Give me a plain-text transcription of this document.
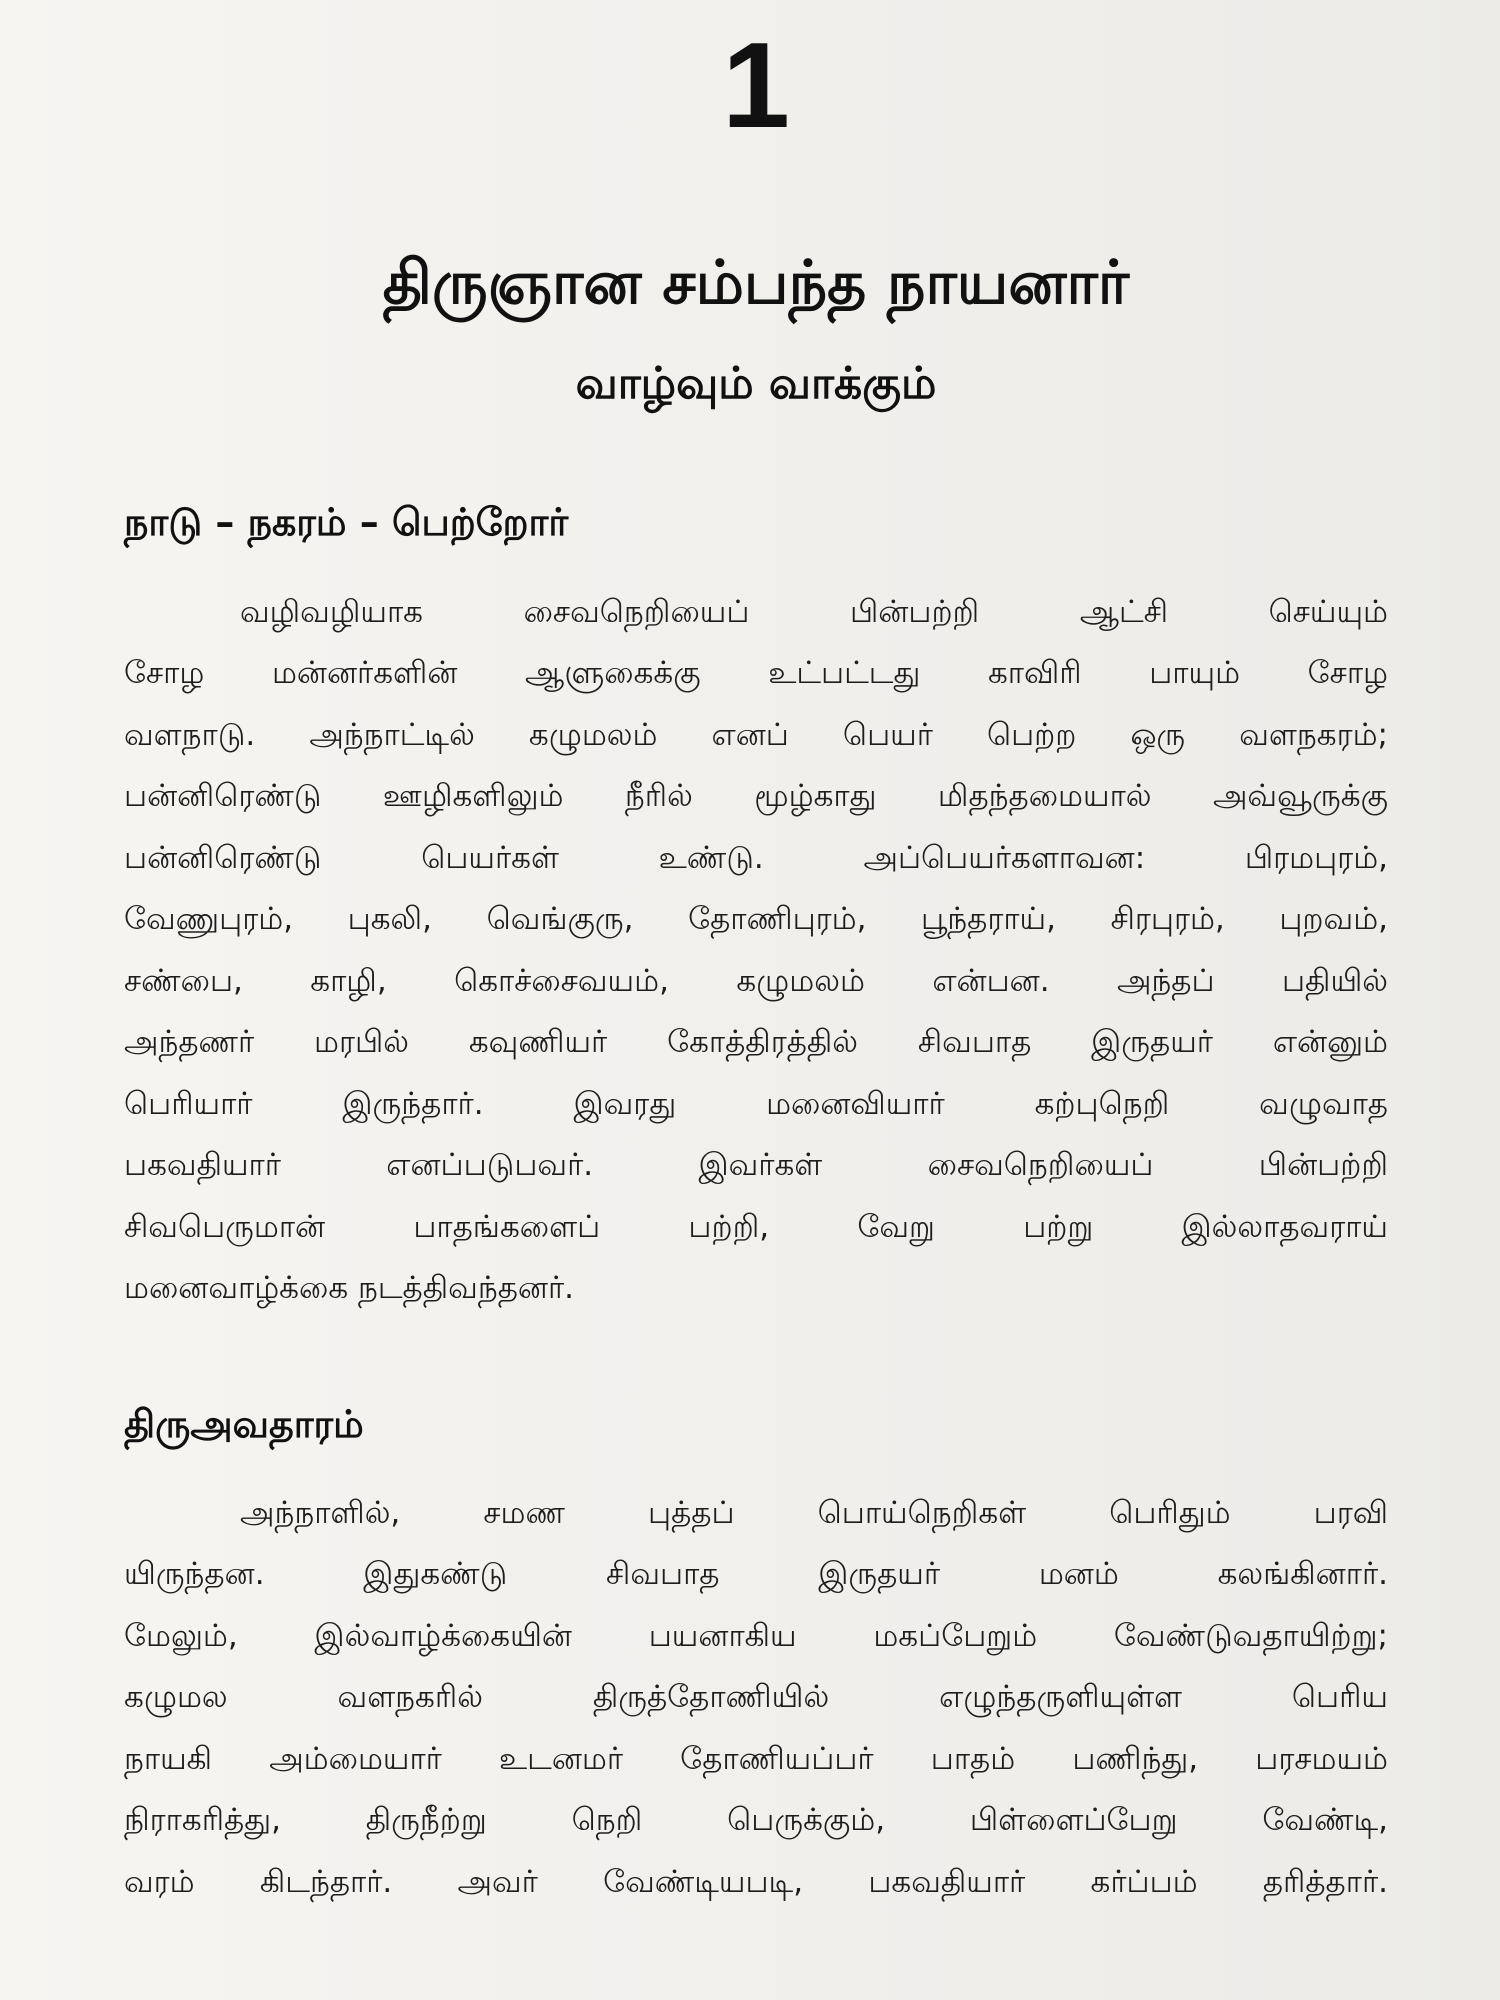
1
திருஞான சம்பந்த நாயனார்
வாழ்வும் வாக்கும்
நாடு – நகரம் – பெற்றோர்
வழிவழியாக சைவநெறியைப் பின்பற்றி ஆட்சி செய்யும்
சோழ மன்னர்களின் ஆளுகைக்கு உட்பட்டது காவிரி பாயும் சோழ
வளநாடு. அந்நாட்டில் கழுமலம் எனப் பெயர் பெற்ற ஒரு வளநகரம்;
பன்னிரெண்டு ஊழிகளிலும் நீரில் மூழ்காது மிதந்தமையால் அவ்வூருக்கு
பன்னிரெண்டு பெயர்கள் உண்டு. அப்பெயர்களாவன: பிரமபுரம்,
வேணுபுரம், புகலி, வெங்குரு, தோணிபுரம், பூந்தராய், சிரபுரம், புறவம்,
சண்பை, காழி, கொச்சைவயம், கழுமலம் என்பன. அந்தப் பதியில்
அந்தணர் மரபில் கவுணியர் கோத்திரத்தில் சிவபாத இருதயர் என்னும்
பெரியார் இருந்தார். இவரது மனைவியார் கற்புநெறி வழுவாத
பகவதியார் எனப்படுபவர். இவர்கள் சைவநெறியைப் பின்பற்றி
சிவபெருமான் பாதங்களைப் பற்றி, வேறு பற்று இல்லாதவராய்
மனைவாழ்க்கை நடத்திவந்தனர்.
திருஅவதாரம்
அந்நாளில், சமண புத்தப் பொய்நெறிகள் பெரிதும் பரவி
யிருந்தன. இதுகண்டு சிவபாத இருதயர் மனம் கலங்கினார்.
மேலும், இல்வாழ்க்கையின் பயனாகிய மகப்பேறும் வேண்டுவதாயிற்று;
கழுமல வளநகரில் திருத்தோணியில் எழுந்தருளியுள்ள பெரிய
நாயகி அம்மையார் உடனமர் தோணியப்பர் பாதம் பணிந்து, பரசமயம்
நிராகரித்து, திருநீற்று நெறி பெருக்கும், பிள்ளைப்பேறு வேண்டி,
வரம் கிடந்தார். அவர் வேண்டியபடி, பகவதியார் கர்ப்பம் தரித்தார்.
